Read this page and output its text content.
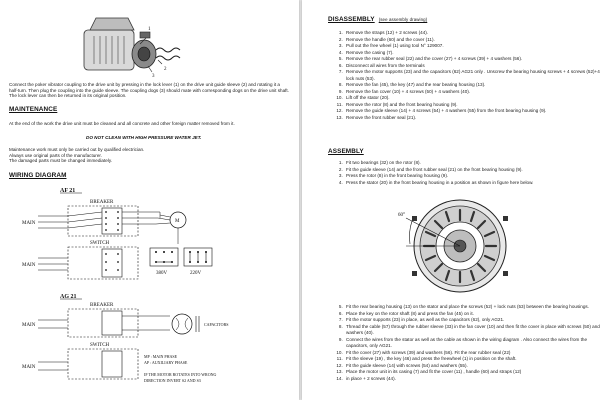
1
2
3
Connect the poker vibrator coupling to the drive unit by pressing in the lock lever (1) on the drive unit guide sleeve (2) and rotating it a half-turn. Then plug the coupling into the guide sleeve. The coupling dogs (3) should mate with corresponding dogs on the drive unit shaft. The lock lever can then be returned in its original position.
MAINTENANCE
At the end of the work the drive unit must be cleaned and all concrete and other foreign matter removed from it.
DO NOT CLEAN WITH HIGH PRESSURE WATER JET.
Maintenance work must only be carried out by qualified electrician.
Always use original parts of the manufacturer.
The damaged parts must be changed immediately.
WIRING DIAGRAM
AF 21
BREAKER
MAIN	M
SWITCH
MAIN
380V	220V
AG 21
BREAKER
MAIN	CAPACITORS
SWITCH
MAIN
MP : MAIN PHASE
AP : AUXILIARY PHASE
IF THE MOTOR ROTATES INTO WRONG
DIRECTION INVERT S2 AND S3
DISASSEMBLY (see assembly drawing)
1. Remove the straps (12) + 2 screws (44).
2. Remove the handle (60) and the cover (11).
3. Pull out the free wheel (1) using tool N° 129007.
4. Remove the casing (7).
5. Remove the rear rubber seal (22) and the cover (27) + 4 screws (39) + 4 washers (56).
6. Disconnect all wires from the terminals
7. Remove the motor supports (23) and the capacitors (62) AG21 only . Unscrew the bearing housing screws + 4 screws (52)+4 lock nuts (53).
8. Remove the fan (45), the key (47) and the rear bearing housing (13).
9. Remove the fan cover (10) + 4 screws (50) + 4 washers (40).
10. Lift off the stator (20).
11. Remove the rotor (8) and the front bearing housing (9).
12. Remove the guide sleeve (14) + 4 screws (54) + 4 washers (55) from the front bearing housing (9).
13. Remove the front rubber seal (21).
ASSEMBLY
1. Fit two bearings (32) on the rotor (8).
2. Fit the guide sleeve (14) and the front rubber seal (21) on the front bearing housing (9).
3. Press the rotor (8) in the front bearing housing (9).
4. Press the stator (20) in the front bearing housing in a position as shown in figure here below.
60°
5. Fit the rear bearing housing (13) on the stator and place the screws (52) + lock nuts (53) between the bearing housings.
6. Place the key on the rotor shaft (8) and press the fan (45) on it.
7. Fit the motor supports (23) in place, as well as the capacitors (62), only AG21.
8. Thread the cable (57) through the rubber sleeve (33) in the fan cover (10) and then fit the cover in place with screws (50) and washers (40).
9. Connect the wires from the stator as well as the cable as shown in the wiring diagram . Also connect the wires from the capacitors, only AG21.
10. Fit the cover (27) with screws (39) and washers (56). Fit the rear rubber seal (22)
11. Fit the sleeve (19) , the key (46) and press the freewheel (1) in position on the shaft.
12. Fit the guide sleeve (14) with screws (54) and washers (55).
13. Place the motor unit in its casing (7) and fit the cover (11) , handle (60) and straps (12)
14. in place + 2 screws (44).
